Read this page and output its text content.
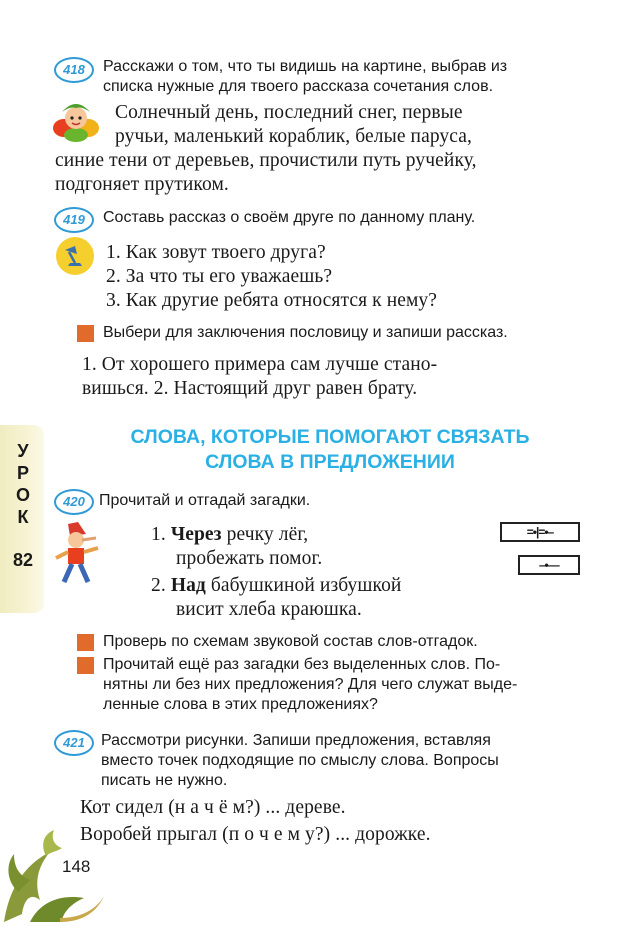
418	Расскажи о том, что ты видишь на картине, выбрав из
списка нужные для твоего рассказа сочетания слов.
Солнечный день, последний снег, первые
ручьи, маленький кораблик, белые паруса,
синие тени от деревьев, прочистили путь ручейку,
подгоняет прутиком.
419	Составь рассказ о своём друге по данному плану.
1. Как зовут твоего друга?
2. За что ты его уважаешь?
3. Как другие ребята относятся к нему?
Выбери для заключения пословицу и запиши рассказ.
1. От хорошего примера сам лучше стано-
вишься. 2. Настоящий друг равен брату.
У
Р
О
К
82
СЛОВА, КОТОРЫЕ ПОМОГАЮТ СВЯЗАТЬ
СЛОВА В ПРЕДЛОЖЕНИИ
420 Прочитай и отгадай загадки.
1. Через речку лёг,
пробежать помог.
2. Над бабушкиной избушкой
висит хлеба краюшка.
=•|=•–
–•––
Проверь по схемам звуковой состав слов-отгадок.
Прочитай ещё раз загадки без выделенных слов. По-
нятны ли без них предложения? Для чего служат выде-
ленные слова в этих предложениях?
421	Рассмотри рисунки. Запиши предложения, вставляя
вместо точек подходящие по смыслу слова. Вопросы
писать не нужно.
Кот сидел (н а ч ё м?) ... дереве.
Воробей прыгал (п о ч е м у?) ... дорожке.
148
